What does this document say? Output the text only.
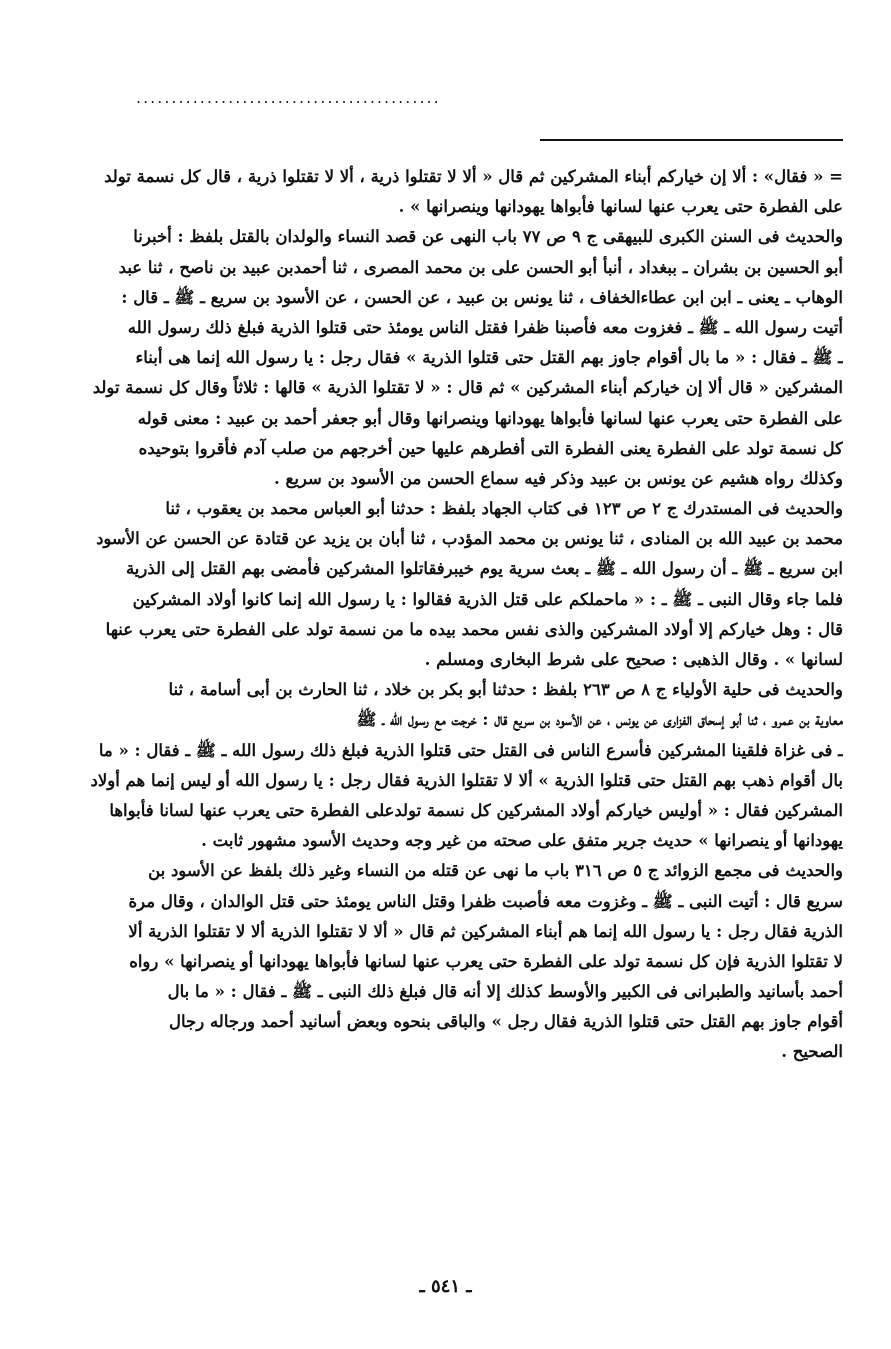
...........................................
= « فقال» : ألا إن خياركم أبناء المشركين ثم قال « ألا لا تقتلوا ذرية ، ألا لا تقتلوا ذرية ، قال كل نسمة تولد
على الفطرة حتى يعرب عنها لسانها فأبواها يهودانها وينصرانها » .
والحديث فى السنن الكبرى للبيهقى ج ٩ ص ٧٧ باب النهى عن قصد النساء والولدان بالقتل بلفظ : أخبرنا
أبو الحسين بن بشران ـ ببغداد ، أنبأ أبو الحسن على بن محمد المصرى ، ثنا أحمدبن عبيد بن ناصح ، ثنا عبد
الوهاب ـ يعنى ـ ابن ابن عطاءالخفاف ، ثنا يونس بن عبيد ، عن الحسن ، عن الأسود بن سريع ـ ﷺ ـ قال :
أتيت رسول الله ـ ﷺ ـ فغزوت معه فأصبنا ظفرا فقتل الناس يومئذ حتى قتلوا الذرية فبلغ ذلك رسول الله
ـ ﷺ ـ فقال : « ما بال أقوام جاوز بهم القتل حتى قتلوا الذرية » فقال رجل : يا رسول الله إنما هى أبناء
المشركين « قال ألا إن خياركم أبناء المشركين » ثم قال : « لا تقتلوا الذرية » قالها : ثلاثاً وقال كل نسمة تولد
على الفطرة حتى يعرب عنها لسانها فأبواها يهودانها وينصرانها وقال أبو جعفر أحمد بن عبيد : معنى قوله
كل نسمة تولد على الفطرة يعنى الفطرة التى أفطرهم عليها حين أخرجهم من صلب آدم فأقروا بتوحيده
وكذلك رواه هشيم عن يونس بن عبيد وذكر فيه سماع الحسن من الأسود بن سريع .
والحديث فى المستدرك ج ٢ ص ١٢٣ فى كتاب الجهاد بلفظ : حدثنا أبو العباس محمد بن يعقوب ، ثنا
محمد بن عبيد الله بن المنادى ، ثنا يونس بن محمد المؤدب ، ثنا أبان بن يزيد عن قتادة عن الحسن عن الأسود
ابن سريع ـ ﷺ ـ أن رسول الله ـ ﷺ ـ بعث سرية يوم خيبرفقاتلوا المشركين فأمضى بهم القتل إلى الذرية
فلما جاء وقال النبى ـ ﷺ ـ : « ماحملكم على قتل الذرية فقالوا : يا رسول الله إنما كانوا أولاد المشركين
قال : وهل خياركم إلا أولاد المشركين والذى نفس محمد بيده ما من نسمة تولد على الفطرة حتى يعرب عنها
لسانها » . وقال الذهبى : صحيح على شرط البخارى ومسلم .
والحديث فى حلية الأولياء ج ٨ ص ٢٦٣ بلفظ : حدثنا أبو بكر بن خلاد ، ثنا الحارث بن أبى أسامة ، ثنا
معاوية بن عمرو ، ثنا أبو إسحاق الفزارى عن يونس ، عن الأسود بن سريع قال : خرجت مع رسول الله ـ ﷺ
ـ فى غزاة فلقينا المشركين فأسرع الناس فى القتل حتى قتلوا الذرية فبلغ ذلك رسول الله ـ ﷺ ـ فقال : « ما
بال أقوام ذهب بهم القتل حتى قتلوا الذرية » ألا لا تقتلوا الذرية فقال رجل : يا رسول الله أو ليس إنما هم أولاد
المشركين فقال : « أوليس خياركم أولاد المشركين كل نسمة تولدعلى الفطرة حتى يعرب عنها لسانا فأبواها
يهودانها أو ينصرانها » حديث جرير متفق على صحته من غير وجه وحديث الأسود مشهور ثابت .
والحديث فى مجمع الزوائد ج ٥ ص ٣١٦ باب ما نهى عن قتله من النساء وغير ذلك بلفظ عن الأسود بن
سريع قال : أتيت النبى ـ ﷺ ـ وغزوت معه فأصبت ظفرا وقتل الناس يومئذ حتى قتل الوالدان ، وقال مرة
الذرية فقال رجل : يا رسول الله إنما هم أبناء المشركين ثم قال « ألا لا تقتلوا الذرية ألا لا تقتلوا الذرية ألا
لا تقتلوا الذرية فإن كل نسمة تولد على الفطرة حتى يعرب عنها لسانها فأبواها يهودانها أو ينصرانها » رواه
أحمد بأسانيد والطبرانى فى الكبير والأوسط كذلك إلا أنه قال فبلغ ذلك النبى ـ ﷺ ـ فقال : « ما بال
أقوام جاوز بهم القتل حتى قتلوا الذرية فقال رجل » والباقى بنحوه وبعض أسانيد أحمد ورجاله رجال
الصحيح .
ـ ٥٤١ ـ
